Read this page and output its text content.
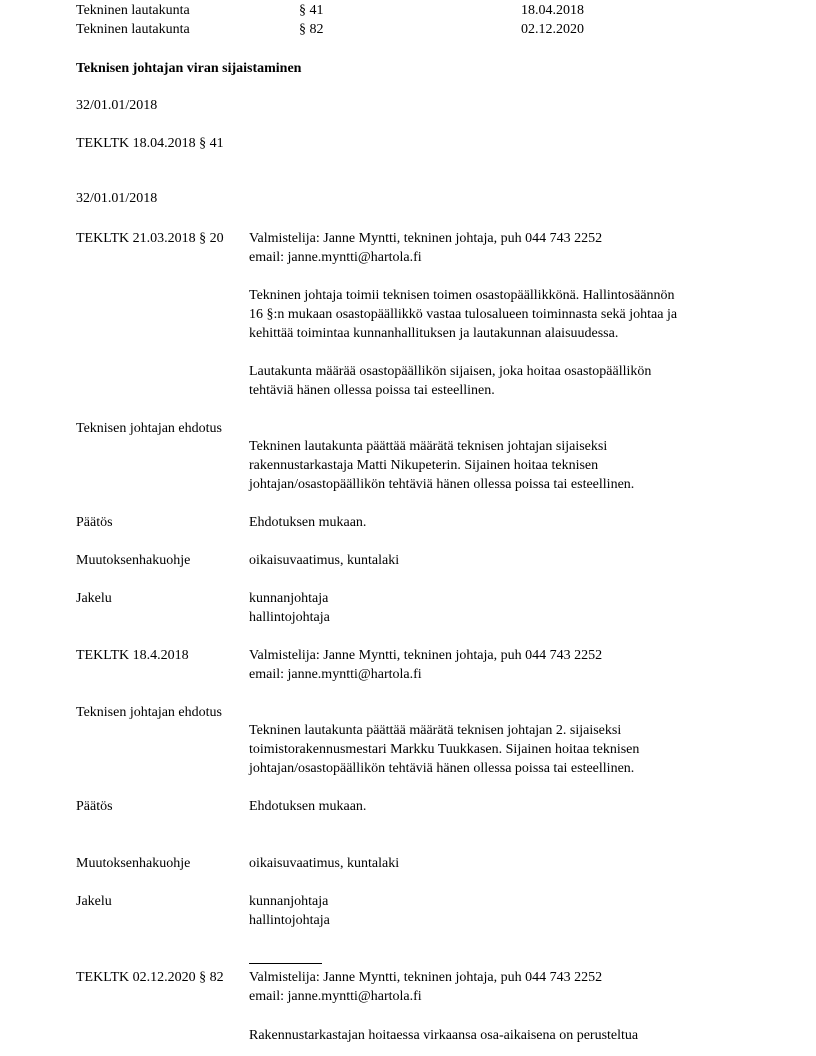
Tekninen lautakunta	§ 41	18.04.2018
Tekninen lautakunta	§ 82	02.12.2020
Teknisen johtajan viran sijaistaminen
32/01.01/2018
TEKLTK 18.04.2018 § 41
32/01.01/2018
TEKLTK 21.03.2018 § 20 Valmistelija: Janne Myntti, tekninen johtaja, puh 044 743 2252
email: janne.myntti@hartola.fi
Tekninen johtaja toimii teknisen toimen osastopäällikkönä. Hallintosäännön
16 §:n mukaan osastopäällikkö vastaa tulosalueen toiminnasta sekä johtaa ja
kehittää toimintaa kunnanhallituksen ja lautakunnan alaisuudessa.
Lautakunta määrää osastopäällikön sijaisen, joka hoitaa osastopäällikön
tehtäviä hänen ollessa poissa tai esteellinen.
Teknisen johtajan ehdotus
Tekninen lautakunta päättää määrätä teknisen johtajan sijaiseksi
rakennustarkastaja Matti Nikupeterin. Sijainen hoitaa teknisen
johtajan/osastopäällikön tehtäviä hänen ollessa poissa tai esteellinen.
Päätös	Ehdotuksen mukaan.
Muutoksenhakuohje	oikaisuvaatimus, kuntalaki
Jakelu	kunnanjohtaja
hallintojohtaja
TEKLTK 18.4.2018	Valmistelija: Janne Myntti, tekninen johtaja, puh 044 743 2252
email: janne.myntti@hartola.fi
Teknisen johtajan ehdotus
Tekninen lautakunta päättää määrätä teknisen johtajan 2. sijaiseksi
toimistorakennusmestari Markku Tuukkasen. Sijainen hoitaa teknisen
johtajan/osastopäällikön tehtäviä hänen ollessa poissa tai esteellinen.
Päätös	Ehdotuksen mukaan.
Muutoksenhakuohje	oikaisuvaatimus, kuntalaki
Jakelu	kunnanjohtaja
hallintojohtaja
TEKLTK 02.12.2020 § 82 Valmistelija: Janne Myntti, tekninen johtaja, puh 044 743 2252
email: janne.myntti@hartola.fi
Rakennustarkastajan hoitaessa virkaansa osa-aikaisena on perusteltua
